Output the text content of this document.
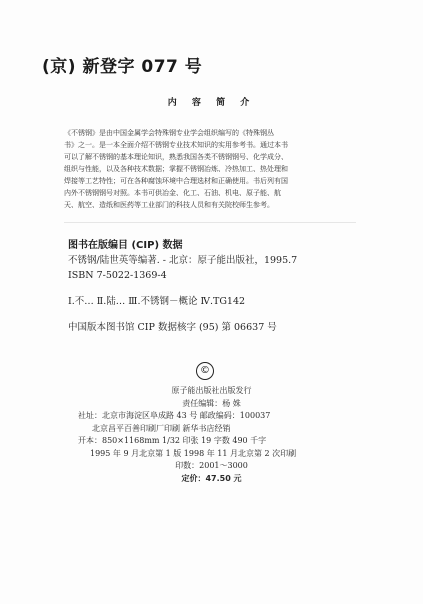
(京) 新登字 077 号
内 容 简 介

《不锈钢》是由中国金属学会特殊钢专业学会组织编写的《特殊钢丛

书》之一。是一本全面介绍不锈钢专业技术知识的实用参考书。通过本书

可以了解不锈钢的基本理论知识，熟悉我国各类不锈钢钢号、化学成分、

组织与性能，以及各种技术数据；掌握不锈钢冶炼、冷热加工、热处理和

焊接等工艺特性；可在各种腐蚀环境中合理选材和正确使用。书后列有国

内外不锈钢钢号对照。本书可供冶金、化工、石油、机电、原子能、航

天、航空、造纸和医药等工业部门的科技人员和有关院校师生参考。

图书在版编目 (CIP) 数据
不锈钢/陆世英等编著. - 北京：原子能出版社，1995.7
ISBN 7-5022-1369-4
Ⅰ.不… Ⅱ.陆… Ⅲ.不锈钢－概论 Ⅳ.TG142
中国版本图书馆 CIP 数据核字 (95) 第 06637 号
©
原子能出版社出版发行
责任编辑：杨 姝
社址：北京市海淀区阜成路 43 号 邮政编码：100037
北京昌平百善印刷厂印刷 新华书店经销
开本：850×1168mm 1/32 印张 19 字数 490 千字
1995 年 9 月北京第 1 版 1998 年 11 月北京第 2 次印刷
印数：2001～3000
定价：47.50 元
